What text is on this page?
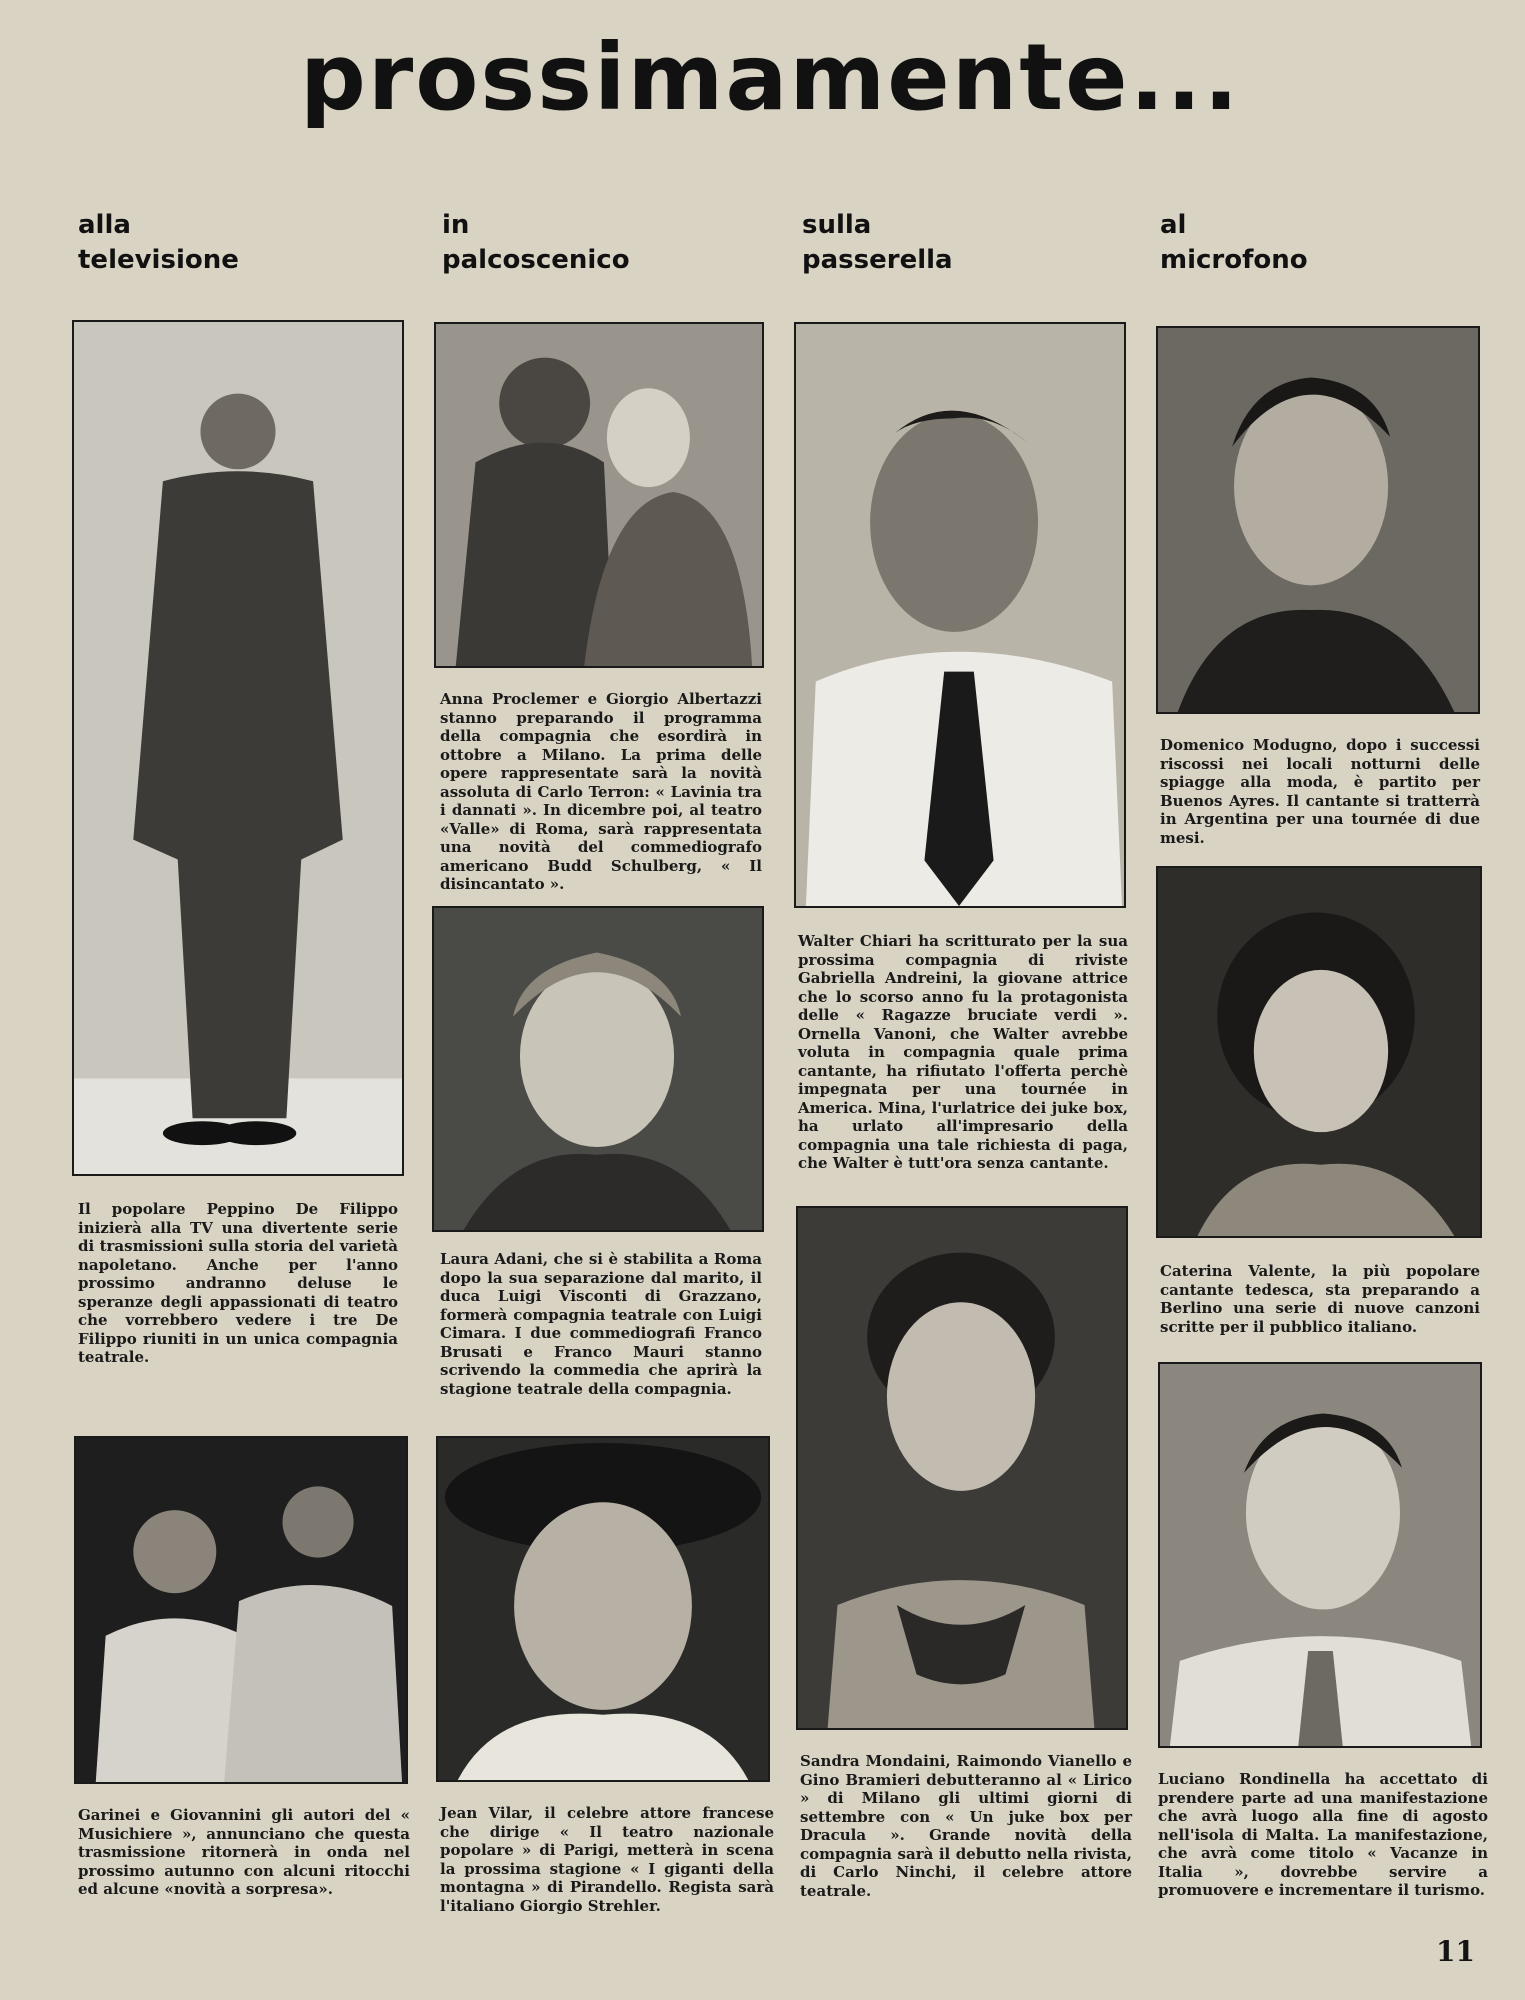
prossimamente...
alla
televisione
in
palcoscenico
sulla
passerella
al
microfono

Il popolare Peppino De Filippo inizierà alla TV una divertente serie di trasmissioni sulla storia del varietà napoletano. Anche per l'anno prossimo andranno deluse le speranze degli appassionati di teatro che vorrebbero vedere i tre De Filippo riuniti in un unica compagnia teatrale.

Garinei e Giovannini gli autori del « Musichiere », annunciano che questa trasmissione ritornerà in onda nel prossimo autunno con alcuni ritocchi ed alcune «novità a sorpresa».

Anna Proclemer e Giorgio Albertazzi stanno preparando il programma della compagnia che esordirà in ottobre a Milano. La prima delle opere rappresentate sarà la novità assoluta di Carlo Terron: « Lavinia tra i dannati ». In dicembre poi, al teatro «Valle» di Roma, sarà rappresentata una novità del commediografo americano Budd Schulberg, « Il disincantato ».

Laura Adani, che si è stabilita a Roma dopo la sua separazione dal marito, il duca Luigi Visconti di Grazzano, formerà compagnia teatrale con Luigi Cimara. I due commediografi Franco Brusati e Franco Mauri stanno scrivendo la commedia che aprirà la stagione teatrale della compagnia.

Jean Vilar, il celebre attore francese che dirige « Il teatro nazionale popolare » di Parigi, metterà in scena la prossima stagione « I giganti della montagna » di Pirandello. Regista sarà l'italiano Giorgio Strehler.

Walter Chiari ha scritturato per la sua prossima compagnia di riviste Gabriella Andreini, la giovane attrice che lo scorso anno fu la protagonista delle « Ragazze bruciate verdi ». Ornella Vanoni, che Walter avrebbe voluta in compagnia quale prima cantante, ha rifiutato l'offerta perchè impegnata per una tournée in America. Mina, l'urlatrice dei juke box, ha urlato all'impresario della compagnia una tale richiesta di paga, che Walter è tutt'ora senza cantante.

Sandra Mondaini, Raimondo Vianello e Gino Bramieri debutteranno al « Lirico » di Milano gli ultimi giorni di settembre con « Un juke box per Dracula ». Grande novità della compagnia sarà il debutto nella rivista, di Carlo Ninchi, il celebre attore teatrale.

Domenico Modugno, dopo i successi riscossi nei locali notturni delle spiagge alla moda, è partito per Buenos Ayres. Il cantante si tratterrà in Argentina per una tournée di due mesi.

Caterina Valente, la più popolare cantante tedesca, sta preparando a Berlino una serie di nuove canzoni scritte per il pubblico italiano.

Luciano Rondinella ha accettato di prendere parte ad una manifestazione che avrà luogo alla fine di agosto nell'isola di Malta. La manifestazione, che avrà come titolo « Vacanze in Italia », dovrebbe servire a promuovere e incrementare il turismo.

11
